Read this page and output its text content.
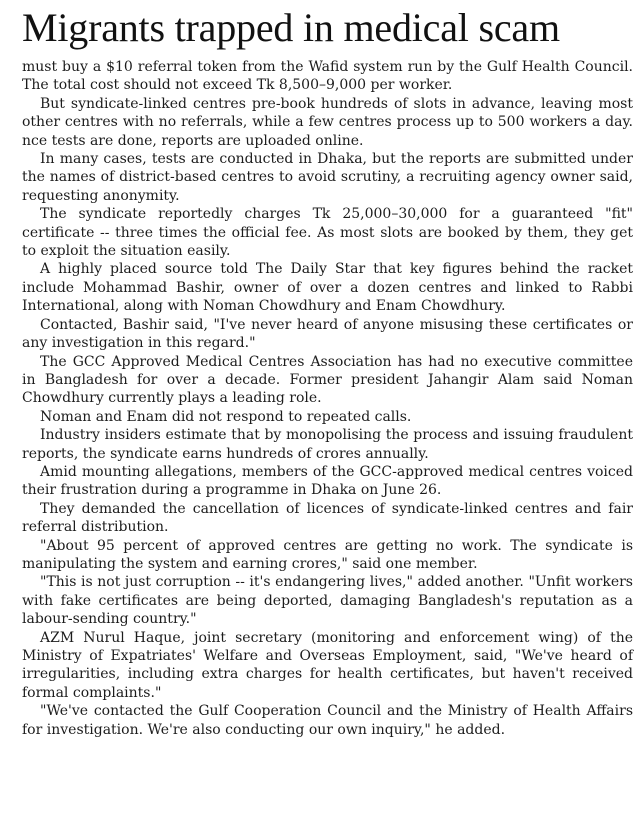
Migrants trapped in medical scam

must buy a $10 referral token from the Wafid system run by the Gulf Health Council. The total cost should not exceed Tk 8,500–9,000 per worker.

But syndicate-linked centres pre-book hundreds of slots in advance, leaving most other centres with no referrals, while a few centres process up to 500 workers a day. nce tests are done, reports are uploaded online.

In many cases, tests are conducted in Dhaka, but the reports are submitted under the names of district-based centres to avoid scrutiny, a recruiting agency owner said, requesting anonymity.

The syndicate reportedly charges Tk 25,000–30,000 for a guaranteed "fit" certificate -- three times the official fee. As most slots are booked by them, they get to exploit the situation easily.

A highly placed source told The Daily Star that key figures behind the racket include Mohammad Bashir, owner of over a dozen centres and linked to Rabbi International, along with Noman Chowdhury and Enam Chowdhury.

Contacted, Bashir said, "I've never heard of anyone misusing these certificates or any investigation in this regard."

The GCC Approved Medical Centres Association has had no executive committee in Bangladesh for over a decade. Former president Jahangir Alam said Noman Chowdhury currently plays a leading role.

Noman and Enam did not respond to repeated calls.

Industry insiders estimate that by monopolising the process and issuing fraudulent reports, the syndicate earns hundreds of crores annually.

Amid mounting allegations, members of the GCC-approved medical centres voiced their frustration during a programme in Dhaka on June 26.

They demanded the cancellation of licences of syndicate-linked centres and fair referral distribution.

"About 95 percent of approved centres are getting no work. The syndicate is manipulating the system and earning crores," said one member.

"This is not just corruption -- it's endangering lives," added another. "Unfit workers with fake certificates are being deported, damaging Bangladesh's reputation as a labour-sending country."

AZM Nurul Haque, joint secretary (monitoring and enforcement wing) of the Ministry of Expatriates' Welfare and Overseas Employment, said, "We've heard of irregularities, including extra charges for health certificates, but haven't received formal complaints."

"We've contacted the Gulf Cooperation Council and the Ministry of Health Affairs for investigation. We're also conducting our own inquiry," he added.
